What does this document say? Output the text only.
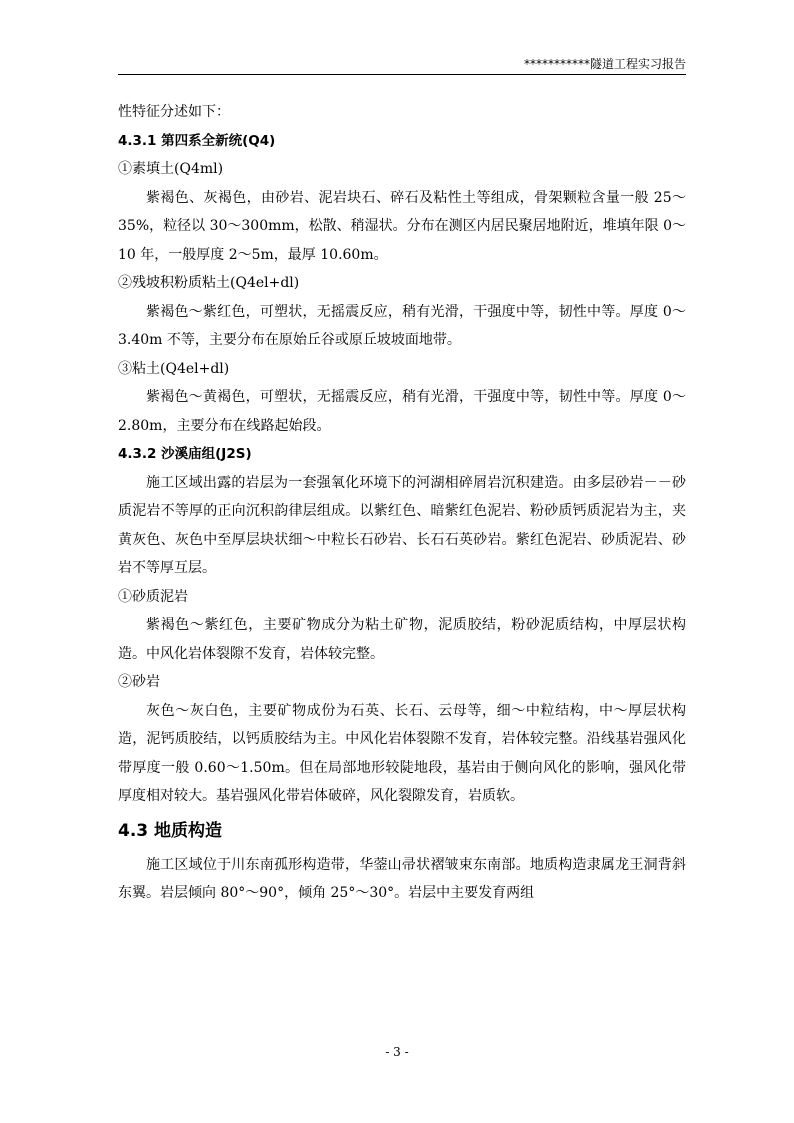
***********隧道工程实习报告

性特征分述如下：

4.3.1 第四系全新统(Q4)

①素填土(Q4ml)

紫褐色、灰褐色，由砂岩、泥岩块石、碎石及粘性土等组成，骨架颗粒含量一般 25～35%，粒径以 30～300mm，松散、稍湿状。分布在测区内居民聚居地附近，堆填年限 0～10 年，一般厚度 2～5m，最厚 10.60m。

②残坡积粉质粘土(Q4el+dl)

紫褐色～紫红色，可塑状，无摇震反应，稍有光滑，干强度中等，韧性中等。厚度 0～3.40m 不等，主要分布在原始丘谷或原丘坡坡面地带。

③粘土(Q4el+dl)

紫褐色～黄褐色，可塑状，无摇震反应，稍有光滑，干强度中等，韧性中等。厚度 0～2.80m，主要分布在线路起始段。

4.3.2 沙溪庙组(J2S)

施工区域出露的岩层为一套强氧化环境下的河湖相碎屑岩沉积建造。由多层砂岩－－砂质泥岩不等厚的正向沉积韵律层组成。以紫红色、暗紫红色泥岩、粉砂质钙质泥岩为主，夹黄灰色、灰色中至厚层块状细～中粒长石砂岩、长石石英砂岩。紫红色泥岩、砂质泥岩、砂岩不等厚互层。

①砂质泥岩

紫褐色～紫红色，主要矿物成分为粘土矿物，泥质胶结，粉砂泥质结构，中厚层状构造。中风化岩体裂隙不发育，岩体较完整。

②砂岩

灰色～灰白色，主要矿物成份为石英、长石、云母等，细～中粒结构，中～厚层状构造，泥钙质胶结，以钙质胶结为主。中风化岩体裂隙不发育，岩体较完整。沿线基岩强风化带厚度一般 0.60～1.50m。但在局部地形较陡地段，基岩由于侧向风化的影响，强风化带厚度相对较大。基岩强风化带岩体破碎，风化裂隙发育，岩质软。

4.3 地质构造

施工区域位于川东南孤形构造带，华蓥山帚状褶皱束东南部。地质构造隶属龙王洞背斜东翼。岩层倾向 80°～90°，倾角 25°～30°。岩层中主要发育两组

- 3 -
